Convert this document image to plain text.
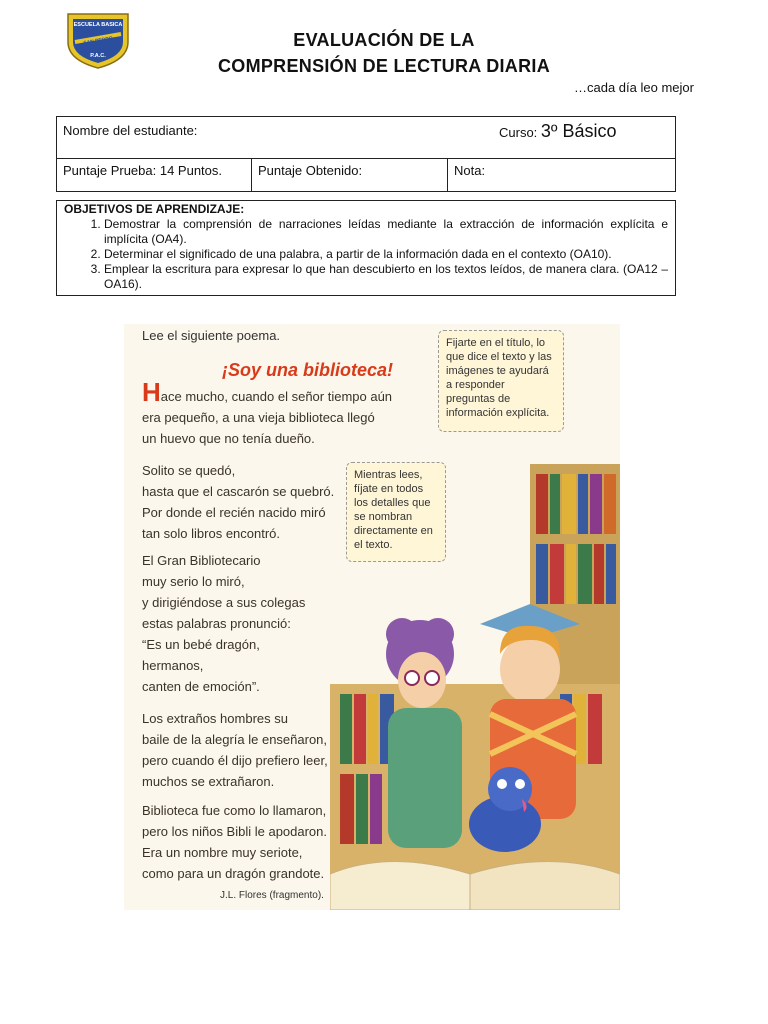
ESCUELA BASICA
SAN PEDRO
P.A.C.
EVALUACIÓN DE LA
COMPRENSIÓN DE LECTURA DIARIA
…cada día leo mejor
Nombre del estudiante:	Curso: 3º Básico
Puntaje Prueba: 14 Puntos.	Puntaje Obtenido:	Nota:
OBJETIVOS DE APRENDIZAJE:
1. Demostrar la comprensión de narraciones leídas mediante la extracción de información explícita e implícita (OA4).
2. Determinar el significado de una palabra, a partir de la información dada en el contexto (OA10).
3. Emplear la escritura para expresar lo que han descubierto en los textos leídos, de manera clara. (OA12 – OA16).
Lee el siguiente poema.
¡Soy una biblioteca!
Hace mucho, cuando el señor tiempo aún
era pequeño, a una vieja biblioteca llegó
un huevo que no tenía dueño.
Solito se quedó,
hasta que el cascarón se quebró.
Por donde el recién nacido miró
tan solo libros encontró.
El Gran Bibliotecario
muy serio lo miró,
y dirigiéndose a sus colegas
estas palabras pronunció:
“Es un bebé dragón,
hermanos,
canten de emoción”.
Los extraños hombres su
baile de la alegría le enseñaron,
pero cuando él dijo prefiero leer,
muchos se extrañaron.
Biblioteca fue como lo llamaron,
pero los niños Bibli le apodaron.
Era un nombre muy seriote,
como para un dragón grandote.
J.L. Flores (fragmento).
Fijarte en el título, lo que dice el texto y las imágenes te ayudará a responder preguntas de información explícita.
Mientras lees, fíjate en todos los detalles que se nombran directamente en el texto.
